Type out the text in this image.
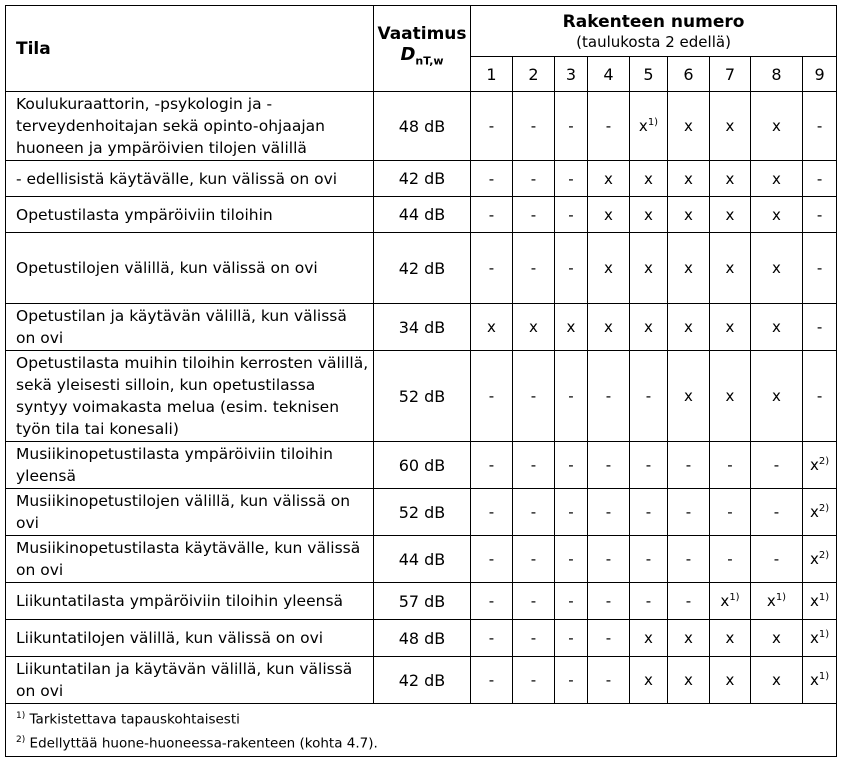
Tila	Vaatimus
$D_{nT,w}$	Rakenteen numero
(taulukosta 2 edellä)								

		1	2	3	4	5	6	7	8	9
Koulukuraattorin, -psykologin ja -terveydenhoitajan sekä opinto-ohjaajan huoneen ja ympäröivien tilojen välillä	48 dB	-	-	-	-	$x^{1)}$	x	x	x	-
- edellisistä käytävälle, kun välissä on ovi	42 dB	-	-	-	x	x	x	x	x	-
Opetustilasta ympäröiviin tiloihin	44 dB	-	-	-	x	x	x	x	x	-
Opetustilojen välillä, kun välissä on ovi	42 dB	-	-	-	x	x	x	x	x	-
Opetustilan ja käytävän välillä, kun välissä on ovi	34 dB	x	x	x	x	x	x	x	x	-
Opetustilasta muihin tiloihin kerrosten välillä, sekä yleisesti silloin, kun opetustilassa syntyy voimakasta melua (esim. teknisen työn tila tai konesali)	52 dB	-	-	-	-	-	x	x	x	-
Musiikinopetustilasta ympäröiviin tiloihin yleensä	60 dB	-	-	-	-	-	-	-	-	$x^{2)}$
Musiikinopetustilojen välillä, kun välissä on ovi	52 dB	-	-	-	-	-	-	-	-	$x^{2)}$
Musiikinopetustilasta käytävälle, kun välissä on ovi	44 dB	-	-	-	-	-	-	-	-	$x^{2)}$
Liikuntatilasta ympäröiviin tiloihin yleensä	57 dB	-	-	-	-	-	-	$x^{1)}$	$x^{1)}$	$x^{1)}$
Liikuntatilojen välillä, kun välissä on ovi	48 dB	-	-	-	-	x	x	x	x	$x^{1)}$
Liikuntatilan ja käytävän välillä, kun välissä on ovi	42 dB	-	-	-	-	x	x	x	x	$x^{1)}$

$^{1)}$ Tarkistettava tapauskohtaisesti
$^{2)}$ Edellyttää huone-huoneessa-rakenteen (kohta 4.7).										
